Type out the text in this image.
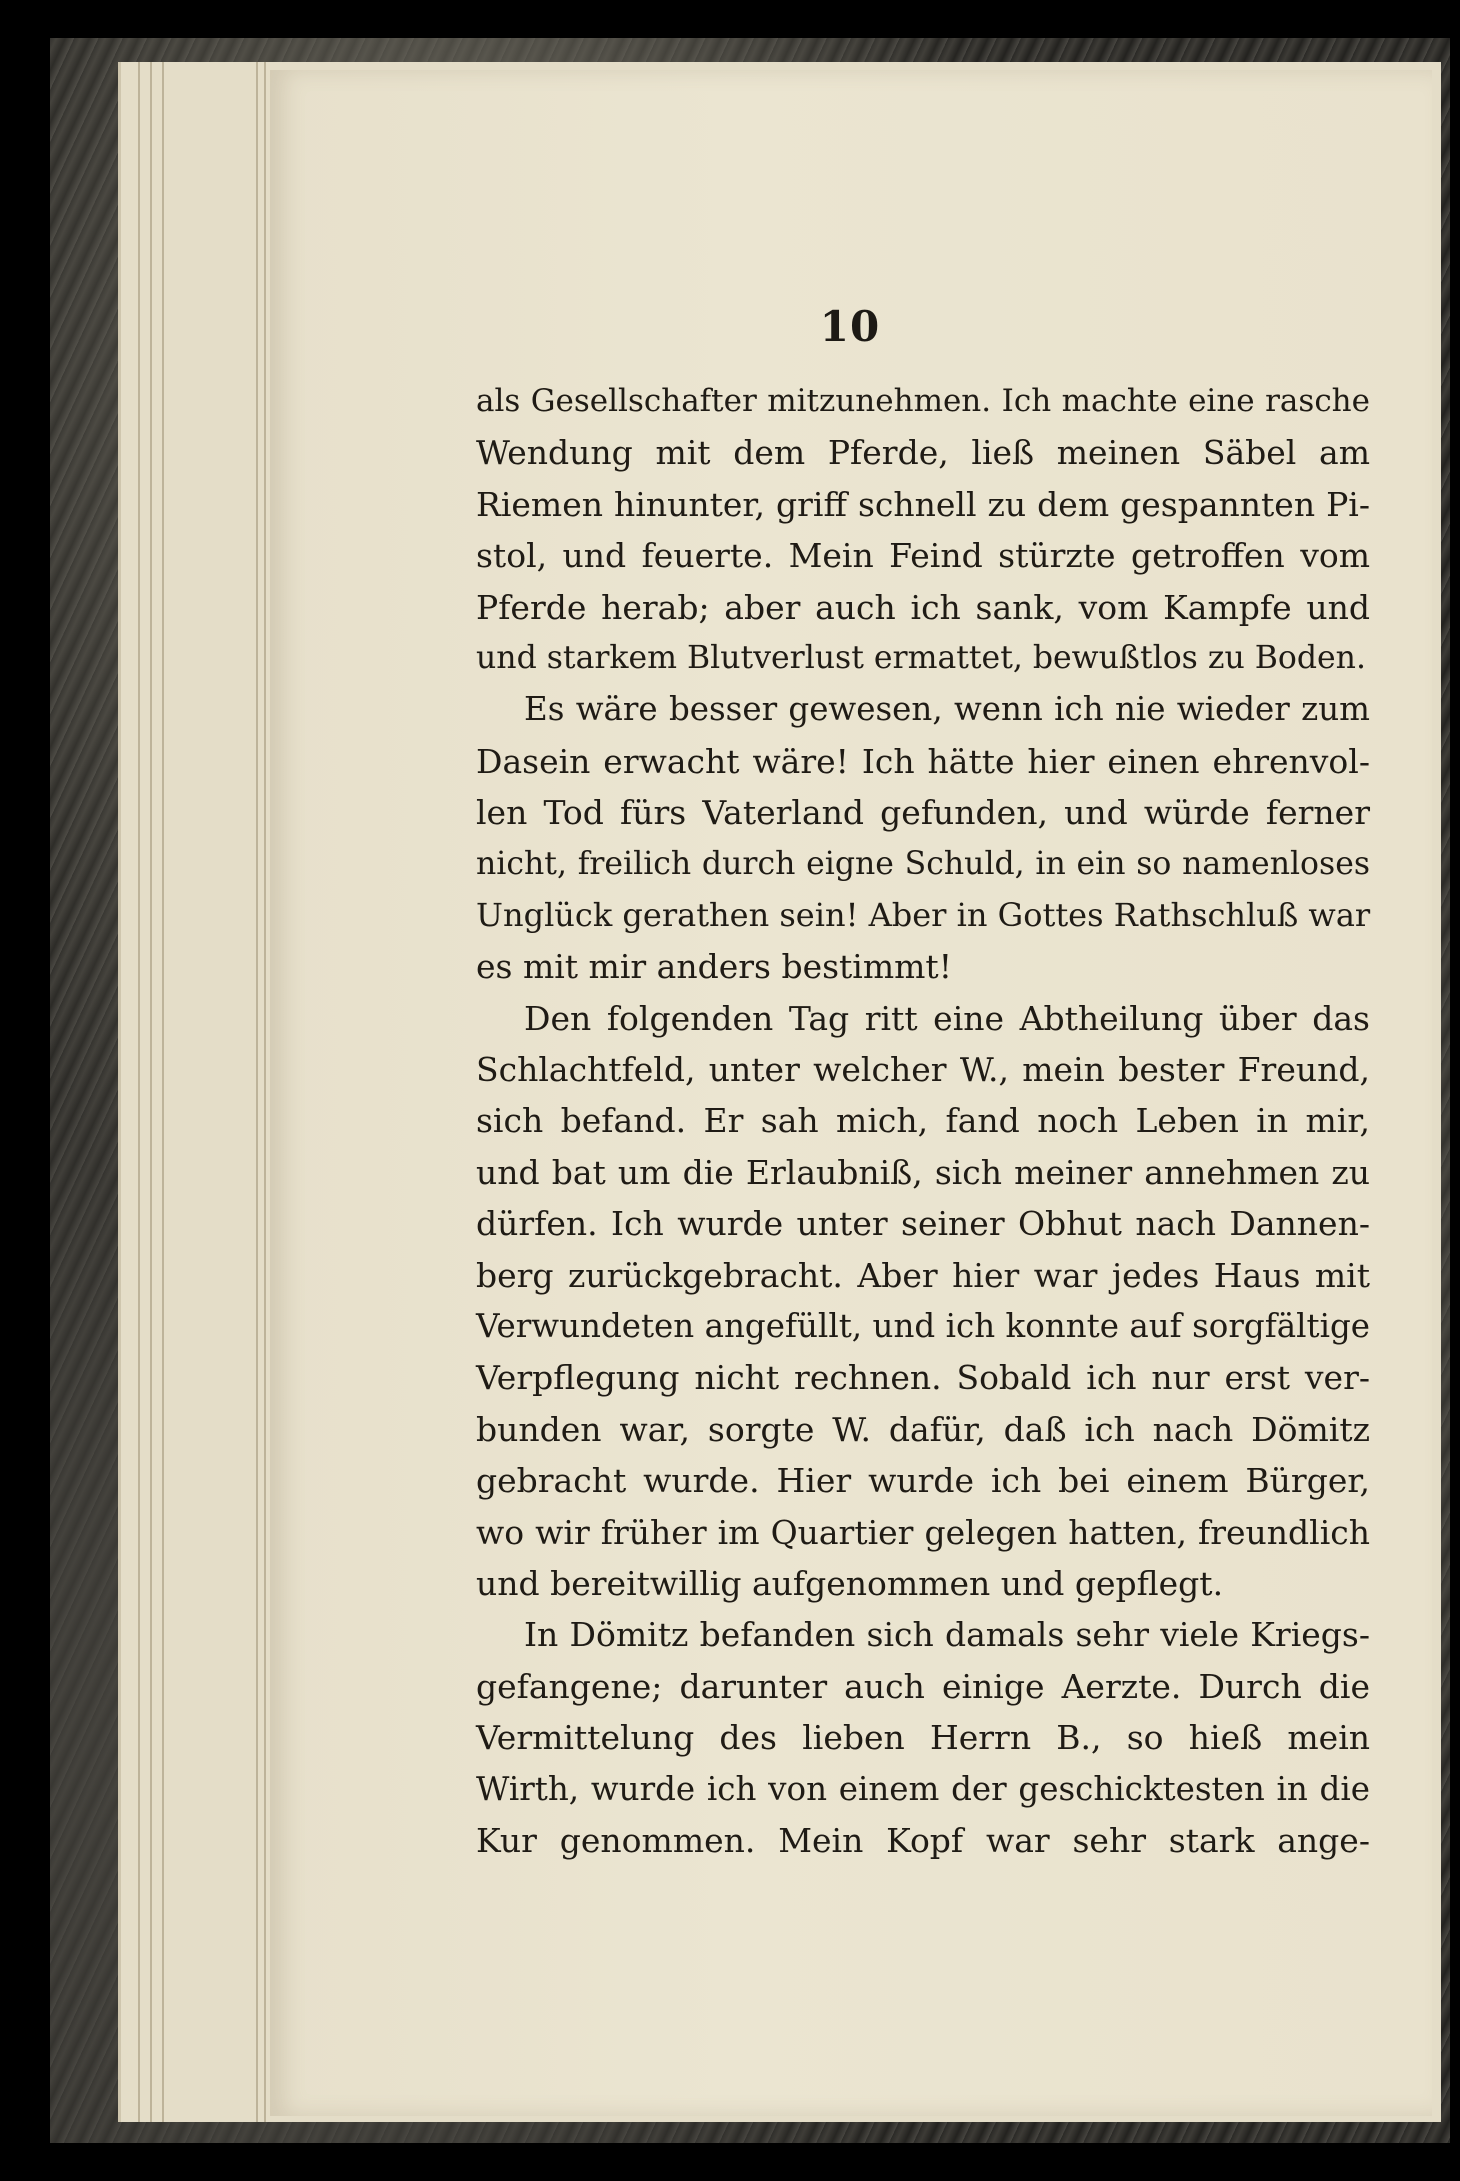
10
als Gesellschafter mitzunehmen. Ich machte eine rasche
Wendung mit dem Pferde, ließ meinen Säbel am
Riemen hinunter, griff schnell zu dem gespannten Pi-
stol, und feuerte. Mein Feind stürzte getroffen vom
Pferde herab; aber auch ich sank, vom Kampfe und
und starkem Blutverlust ermattet, bewußtlos zu Boden.
Es wäre besser gewesen, wenn ich nie wieder zum
Dasein erwacht wäre! Ich hätte hier einen ehrenvol-
len Tod fürs Vaterland gefunden, und würde ferner
nicht, freilich durch eigne Schuld, in ein so namenloses
Unglück gerathen sein! Aber in Gottes Rathschluß war
es mit mir anders bestimmt!
Den folgenden Tag ritt eine Abtheilung über das
Schlachtfeld, unter welcher W., mein bester Freund,
sich befand. Er sah mich, fand noch Leben in mir,
und bat um die Erlaubniß, sich meiner annehmen zu
dürfen. Ich wurde unter seiner Obhut nach Dannen-
berg zurückgebracht. Aber hier war jedes Haus mit
Verwundeten angefüllt, und ich konnte auf sorgfältige
Verpflegung nicht rechnen. Sobald ich nur erst ver-
bunden war, sorgte W. dafür, daß ich nach Dömitz
gebracht wurde. Hier wurde ich bei einem Bürger,
wo wir früher im Quartier gelegen hatten, freundlich
und bereitwillig aufgenommen und gepflegt.
In Dömitz befanden sich damals sehr viele Kriegs-
gefangene; darunter auch einige Aerzte. Durch die
Vermittelung des lieben Herrn B., so hieß mein
Wirth, wurde ich von einem der geschicktesten in die
Kur genommen. Mein Kopf war sehr stark ange-
